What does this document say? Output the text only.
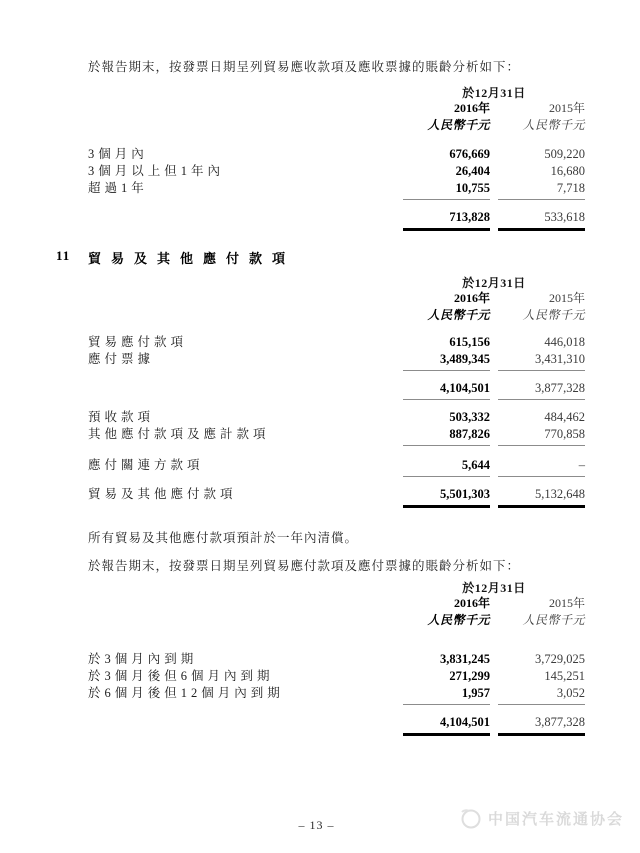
於報告期末，按發票日期呈列貿易應收款項及應收票據的賬齡分析如下：
於12月31日
2016年	2015年
人民幣千元	人民幣千元
3個月內	676,669	509,220
3個月以上但1年內	26,404	16,680
超過1年	10,755	7,718
713,828	533,618
11	貿易及其他應付款項
於12月31日
2016年	2015年
人民幣千元	人民幣千元
貿易應付款項	615,156	446,018
應付票據	3,489,345	3,431,310
4,104,501	3,877,328
預收款項	503,332	484,462
其他應付款項及應計款項	887,826	770,858
應付關連方款項	5,644	–
貿易及其他應付款項	5,501,303	5,132,648
所有貿易及其他應付款項預計於一年內清償。
於報告期末，按發票日期呈列貿易應付款項及應付票據的賬齡分析如下：
於12月31日
2016年	2015年
人民幣千元	人民幣千元
於3個月內到期	3,831,245	3,729,025
於3個月後但6個月內到期	271,299	145,251
於6個月後但12個月內到期	1,957	3,052
4,104,501	3,877,328
– 13 –	中国汽车流通协会
